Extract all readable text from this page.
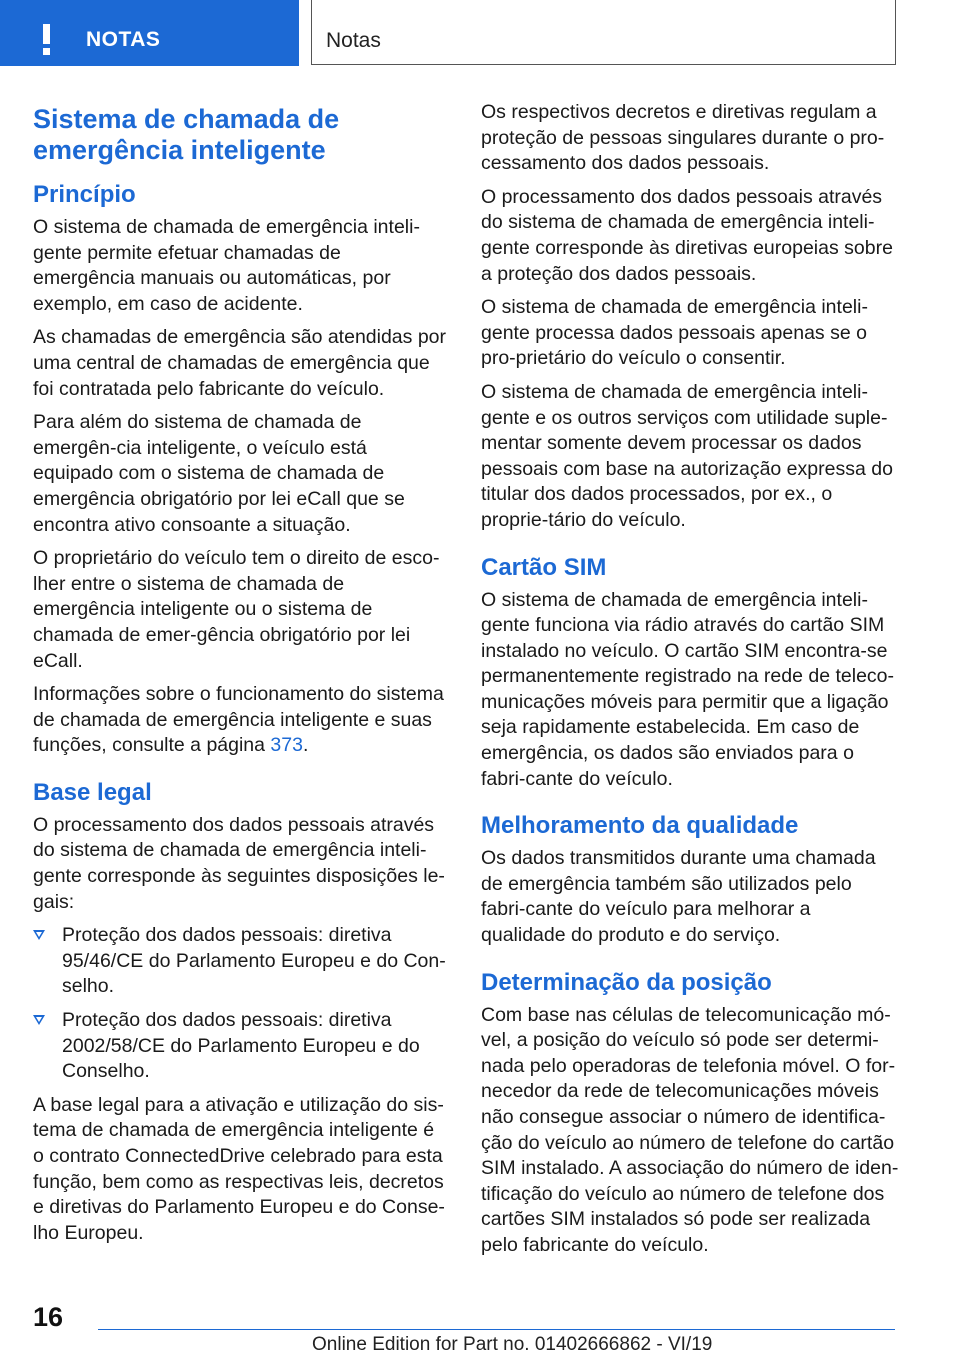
NOTAS	Notas
Sistema de chamada de emergência inteligente
Princípio

O sistema de chamada de emergência inteli-gente permite efetuar chamadas de emergência manuais ou automáticas, por exemplo, em caso de acidente.

As chamadas de emergência são atendidas por uma central de chamadas de emergência que foi contratada pelo fabricante do veículo.

Para além do sistema de chamada de emergên-cia inteligente, o veículo está equipado com o sistema de chamada de emergência obrigatório por lei eCall que se encontra ativo consoante a situação.

O proprietário do veículo tem o direito de esco-lher entre o sistema de chamada de emergência inteligente ou o sistema de chamada de emer-gência obrigatório por lei eCall.

Informações sobre o funcionamento do sistema de chamada de emergência inteligente e suas funções, consulte a página 373.

Base legal

O processamento dos dados pessoais através do sistema de chamada de emergência inteli-gente corresponde às seguintes disposições le-gais:

Proteção dos dados pessoais: diretiva 95/46/CE do Parlamento Europeu e do Con-selho.
Proteção dos dados pessoais: diretiva 2002/58/CE do Parlamento Europeu e do Conselho.

A base legal para a ativação e utilização do sis-tema de chamada de emergência inteligente é o contrato ConnectedDrive celebrado para esta função, bem como as respectivas leis, decretos e diretivas do Parlamento Europeu e do Conse-lho Europeu.

Os respectivos decretos e diretivas regulam a proteção de pessoas singulares durante o pro-cessamento dos dados pessoais.

O processamento dos dados pessoais através do sistema de chamada de emergência inteli-gente corresponde às diretivas europeias sobre a proteção dos dados pessoais.

O sistema de chamada de emergência inteli-gente processa dados pessoais apenas se o pro-prietário do veículo o consentir.

O sistema de chamada de emergência inteli-gente e os outros serviços com utilidade suple-mentar somente devem processar os dados pessoais com base na autorização expressa do titular dos dados processados, por ex., o proprie-tário do veículo.

Cartão SIM

O sistema de chamada de emergência inteli-gente funciona via rádio através do cartão SIM instalado no veículo. O cartão SIM encontra-se permanentemente registrado na rede de teleco-municações móveis para permitir que a ligação seja rapidamente estabelecida. Em caso de emergência, os dados são enviados para o fabri-cante do veículo.

Melhoramento da qualidade

Os dados transmitidos durante uma chamada de emergência também são utilizados pelo fabri-cante do veículo para melhorar a qualidade do produto e do serviço.

Determinação da posição

Com base nas células de telecomunicação mó-vel, a posição do veículo só pode ser determi-nada pelo operadoras de telefonia móvel. O for-necedor da rede de telecomunicações móveis não consegue associar o número de identifica-ção do veículo ao número de telefone do cartão SIM instalado. A associação do número de iden-tificação do veículo ao número de telefone dos cartões SIM instalados só pode ser realizada pelo fabricante do veículo.

16
Online Edition for Part no. 01402666862 - VI/19
